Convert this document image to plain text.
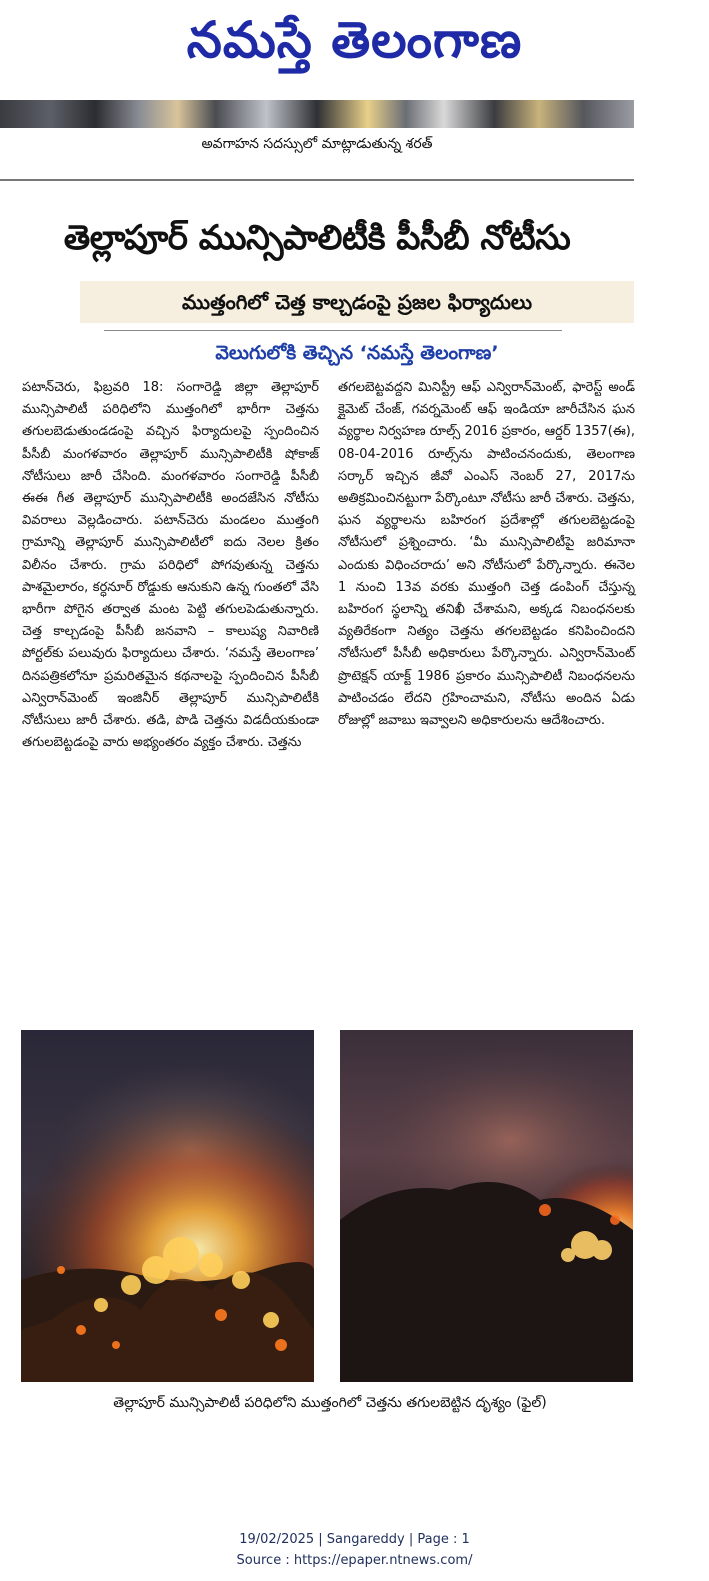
నమస్తే తెలంగాణ
అవగాహన సదస్సులో మాట్లాడుతున్న శరత్
తెల్లాపూర్ మున్సిపాలిటీకి పీసీబీ నోటీసు
ముత్తంగిలో చెత్త కాల్చడంపై ప్రజల ఫిర్యాదులు
వెలుగులోకి తెచ్చిన ‘నమస్తే తెలంగాణ’

పటాన్‌చెరు, ఫిబ్రవరి 18: సంగారెడ్డి జిల్లా తెల్లాపూర్ మున్సిపాలిటీ పరిధిలోని ముత్తంగిలో భారీగా చెత్తను తగులబెడుతుండడంపై వచ్చిన ఫిర్యాదులపై స్పందించిన పీసీబీ మంగళవారం తెల్లాపూర్ మున్సిపాలిటీకి షోకాజ్ నోటీసులు జారీ చేసింది. మంగళవారం సంగారెడ్డి పీసీబీ ఈఈ గీత తెల్లాపూర్ మున్సిపాలిటీకి అందజేసిన నోటీసు వివరాలు వెల్లడించారు. పటాన్‌చెరు మండలం ముత్తంగి గ్రామాన్ని తెల్లాపూర్ మున్సిపాలిటీలో ఐదు నెలల క్రితం విలీనం చేశారు. గ్రామ పరిధిలో పోగవుతున్న చెత్తను పాశమైలారం, కర్ధనూర్ రోడ్డుకు ఆనుకుని ఉన్న గుంతలో వేసి భారీగా పోగైన తర్వాత మంట పెట్టి తగులపెడుతున్నారు. చెత్త కాల్చడంపై పీసీబీ జనవాని – కాలుష్య నివారిణి పోర్టల్‌కు పలువురు ఫిర్యాదులు చేశారు. ‘నమస్తే తెలంగాణ’ దినపత్రికలోనూ ప్రమరితమైన కథనాలపై స్పందించిన పీసీబీ ఎన్విరాన్‌మెంట్ ఇంజినీర్ తెల్లాపూర్ మున్సిపాలిటీకి నోటీసులు జారీ చేశారు. తడి, పొడి చెత్తను విడదీయకుండా తగులబెట్టడంపై వారు అభ్యంతరం వ్యక్తం చేశారు. చెత్తను

తగలబెట్టవద్దని మినిస్ట్రీ ఆఫ్ ఎన్విరాన్‌మెంట్, ఫారెస్ట్ అండ్ క్లైమెట్ చేంజ్, గవర్నమెంట్ ఆఫ్ ఇండియా జారీచేసిన ఘన వ్యర్థాల నిర్వహణ రూల్స్ 2016 ప్రకారం, ఆర్డర్ 1357(ఈ), 08-04-2016 రూల్స్‌ను పాటించనందుకు, తెలంగాణ సర్కార్ ఇచ్చిన జీవో ఎంఎస్ నెంబర్ 27, 2017ను అతిక్రమించినట్టుగా పేర్కొంటూ నోటీసు జారీ చేశారు. చెత్తను, ఘన వ్యర్థాలను బహిరంగ ప్రదేశాల్లో తగులబెట్టడంపై నోటీసులో ప్రశ్నించారు. ‘మీ మున్సిపాలిటీపై జరిమానా ఎందుకు విధించరాదు’ అని నోటీసులో పేర్కొన్నారు. ఈనెల 1 నుంచి 13వ వరకు ముత్తంగి చెత్త డంపింగ్ చేస్తున్న బహిరంగ స్థలాన్ని తనిఖీ చేశామని, అక్కడ నిబంధనలకు వ్యతిరేకంగా నిత్యం చెత్తను తగలబెట్టడం కనిపించిందని నోటీసులో పీసీబీ అధికారులు పేర్కొన్నారు. ఎన్విరాన్‌మెంట్ ప్రొటెక్షన్ యాక్ట్ 1986 ప్రకారం మున్సిపాలిటీ నిబంధనలను పాటించడం లేదని గ్రహించామని, నోటీసు అందిన ఏడు రోజుల్లో జవాబు ఇవ్వాలని అధికారులను ఆదేశించారు.

తెల్లాపూర్ మున్సిపాలిటీ పరిధిలోని ముత్తంగిలో చెత్తను తగులబెట్టిన దృశ్యం (ఫైల్)
19/02/2025 | Sangareddy | Page : 1
Source : https://epaper.ntnews.com/
